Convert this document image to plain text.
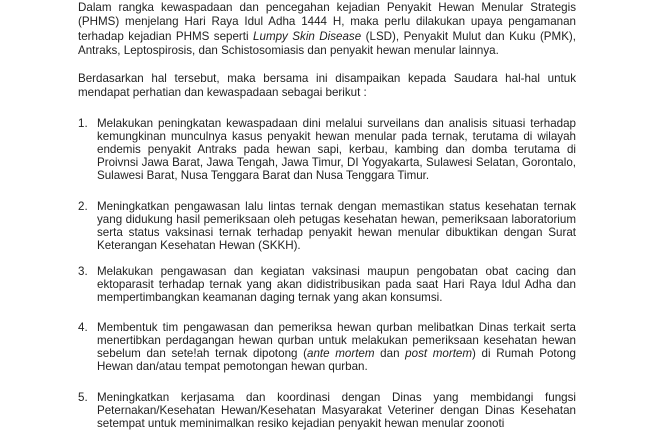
Dalam rangka kewaspadaan dan pencegahan kejadian Penyakit Hewan Menular Strategis (PHMS) menjelang Hari Raya Idul Adha 1444 H, maka perlu dilakukan upaya pengamanan terhadap kejadian PHMS seperti Lumpy Skin Disease (LSD), Penyakit Mulut dan Kuku (PMK), Antraks, Leptospirosis, dan Schistosomiasis dan penyakit hewan menular lainnya.

Berdasarkan hal tersebut, maka bersama ini disampaikan kepada Saudara hal-hal untuk mendapat perhatian dan kewaspadaan sebagai berikut :

1. Melakukan peningkatan kewaspadaan dini melalui surveilans dan analisis situasi terhadap kemungkinan munculnya kasus penyakit hewan menular pada ternak, terutama di wilayah endemis penyakit Antraks pada hewan sapi, kerbau, kambing dan domba terutama di Proivnsi Jawa Barat, Jawa Tengah, Jawa Timur, DI Yogyakarta, Sulawesi Selatan, Gorontalo, Sulawesi Barat, Nusa Tenggara Barat dan Nusa Tenggara Timur.
2. Meningkatkan pengawasan lalu lintas ternak dengan memastikan status kesehatan ternak yang didukung hasil pemeriksaan oleh petugas kesehatan hewan, pemeriksaan laboratorium serta status vaksinasi ternak terhadap penyakit hewan menular dibuktikan dengan Surat Keterangan Kesehatan Hewan (SKKH).
3. Melakukan pengawasan dan kegiatan vaksinasi maupun pengobatan obat cacing dan ektoparasit terhadap ternak yang akan didistribusikan pada saat Hari Raya Idul Adha dan mempertimbangkan keamanan daging ternak yang akan konsumsi.
4. Membentuk tim pengawasan dan pemeriksa hewan qurban melibatkan Dinas terkait serta menertibkan perdagangan hewan qurban untuk melakukan pemeriksaan kesehatan hewan sebelum dan sete!ah ternak dipotong (ante mortem dan post mortem) di Rumah Potong Hewan dan/atau tempat pemotongan hewan qurban.
5. Meningkatkan kerjasama dan koordinasi dengan Dinas yang membidangi fungsi Peternakan/Kesehatan Hewan/Kesehatan Masyarakat Veteriner dengan Dinas Kesehatan setempat untuk meminimalkan resiko kejadian penyakit hewan menular zoonoti
